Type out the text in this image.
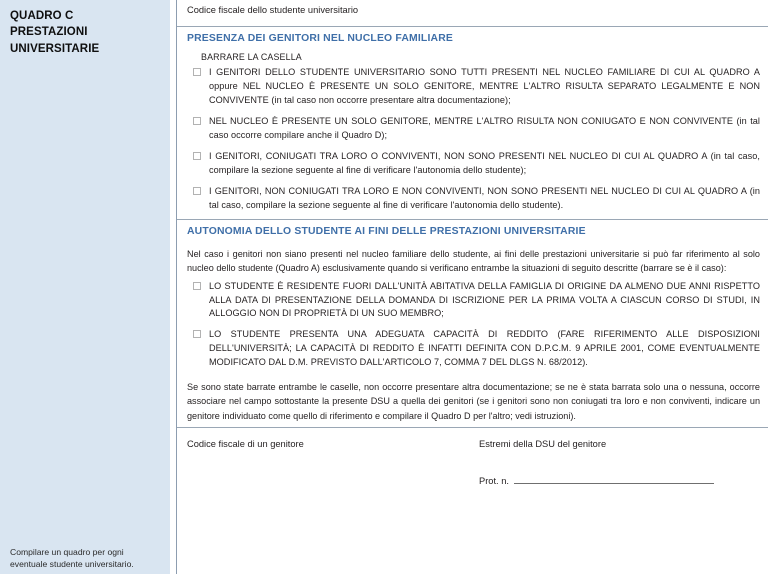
QUADRO C
PRESTAZIONI
UNIVERSITARIE
Compilare un quadro per ogni eventuale studente universitario.
Codice fiscale dello studente universitario
PRESENZA DEI GENITORI NEL NUCLEO FAMILIARE
BARRARE LA CASELLA
I GENITORI DELLO STUDENTE UNIVERSITARIO SONO TUTTI PRESENTI NEL NUCLEO FAMILIARE DI CUI AL QUADRO A oppure NEL NUCLEO È PRESENTE UN SOLO GENITORE, MENTRE L'ALTRO RISULTA SEPARATO LEGALMENTE E NON CONVIVENTE (in tal caso non occorre presentare altra documentazione);
NEL NUCLEO È PRESENTE UN SOLO GENITORE, MENTRE L'ALTRO RISULTA NON CONIUGATO E NON CONVIVENTE (in tal caso occorre compilare anche il Quadro D);
I GENITORI, CONIUGATI TRA LORO O CONVIVENTI, NON SONO PRESENTI NEL NUCLEO DI CUI AL QUADRO A (in tal caso, compilare la sezione seguente al fine di verificare l'autonomia dello studente);
I GENITORI, NON CONIUGATI TRA LORO E NON CONVIVENTI, NON SONO PRESENTI NEL NUCLEO DI CUI AL QUADRO A (in tal caso, compilare la sezione seguente al fine di verificare l'autonomia dello studente).
AUTONOMIA DELLO STUDENTE AI FINI DELLE PRESTAZIONI UNIVERSITARIE
Nel caso i genitori non siano presenti nel nucleo familiare dello studente, ai fini delle prestazioni universitarie si può far riferimento al solo nucleo dello studente (Quadro A) esclusivamente quando si verificano entrambe la situazioni di seguito descritte (barrare se è il caso):
LO STUDENTE È RESIDENTE FUORI DALL'UNITÀ ABITATIVA DELLA FAMIGLIA DI ORIGINE DA ALMENO DUE ANNI RISPETTO ALLA DATA DI PRESENTAZIONE DELLA DOMANDA DI ISCRIZIONE PER LA PRIMA VOLTA A CIASCUN CORSO DI STUDI, IN ALLOGGIO NON DI PROPRIETÀ DI UN SUO MEMBRO;
LO STUDENTE PRESENTA UNA ADEGUATA CAPACITÀ DI REDDITO (FARE RIFERIMENTO ALLE DISPOSIZIONI DELL'UNIVERSITÀ; LA CAPACITÀ DI REDDITO È INFATTI DEFINITA CON D.P.C.M. 9 APRILE 2001, COME EVENTUALMENTE MODIFICATO DAL D.M. PREVISTO DALL'ARTICOLO 7, COMMA 7 DEL DLGS N. 68/2012).
Se sono state barrate entrambe le caselle, non occorre presentare altra documentazione; se ne è stata barrata solo una o nessuna, occorre associare nel campo sottostante la presente DSU a quella dei genitori (se i genitori sono non coniugati tra loro e non conviventi, indicare un genitore individuato come quello di riferimento e compilare il Quadro D per l'altro; vedi istruzioni).
Codice fiscale di un genitore	Estremi della DSU del genitore
Prot. n.
